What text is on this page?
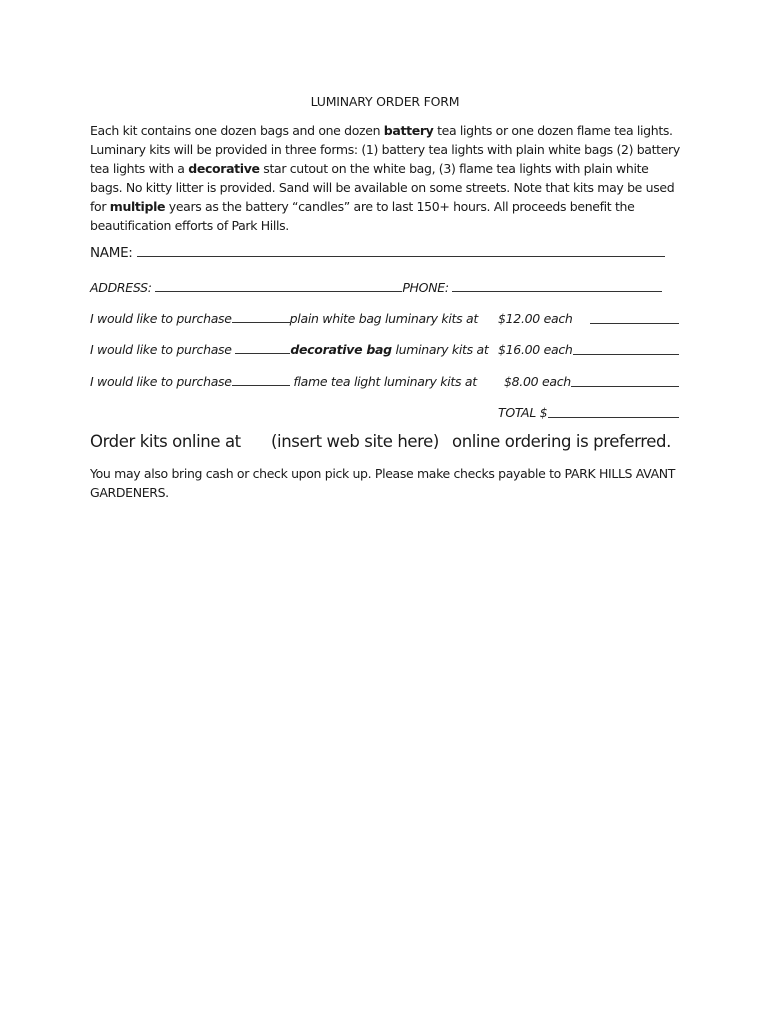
LUMINARY ORDER FORM
Each kit contains one dozen bags and one dozen battery tea lights or one dozen flame tea lights. Luminary kits will be provided in three forms: (1) battery tea lights with plain white bags (2) battery tea lights with a decorative star cutout on the white bag, (3) flame tea lights with plain white bags. No kitty litter is provided. Sand will be available on some streets. Note that kits may be used for multiple years as the battery “candles” are to last 150+ hours. All proceeds benefit the beautification efforts of Park Hills.
NAME:
ADDRESS:	PHONE:
I would like to purchase	plain white bag luminary kits at $12.00 each
I would like to purchase	decorative bag luminary kits at $16.00 each
I would like to purchase	flame tea light luminary kits at $8.00 each
TOTAL $
Order kits online at (insert web site here) online ordering is preferred.
You may also bring cash or check upon pick up. Please make checks payable to PARK HILLS AVANT GARDENERS.
